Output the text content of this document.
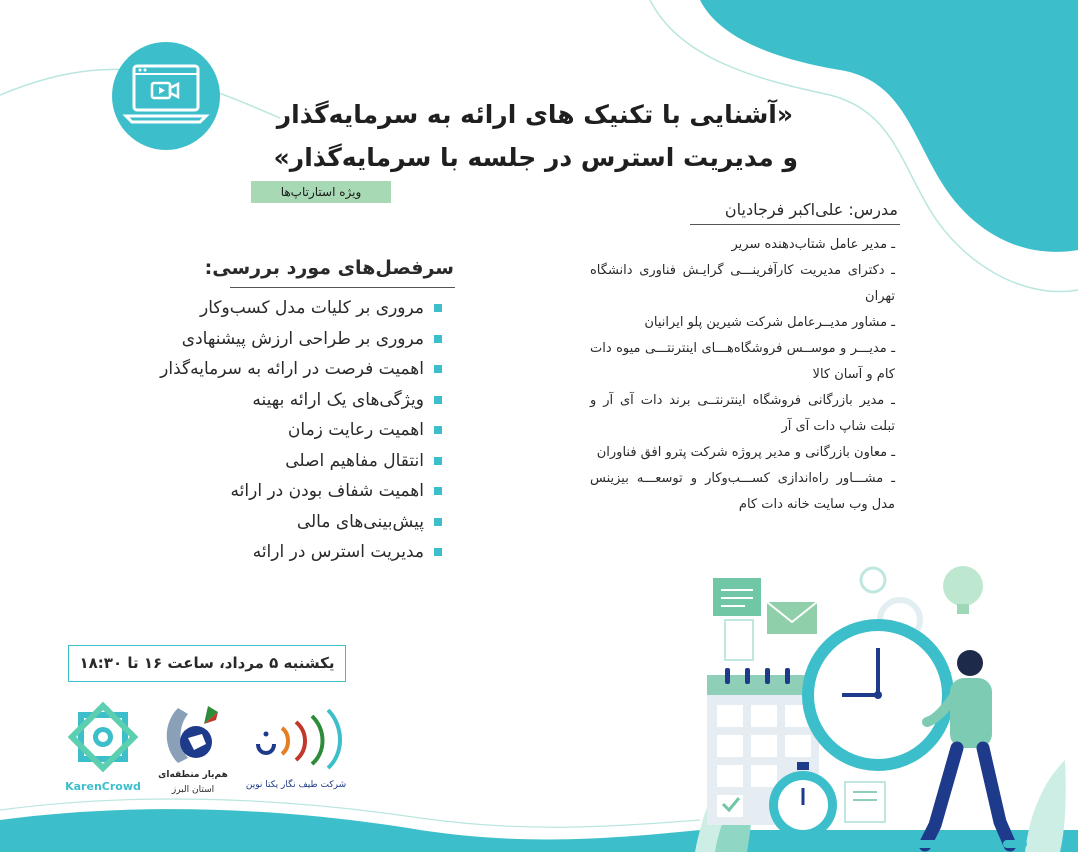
«آشنایی با تکنیک های ارائه به سرمایه‌گذار
و مدیریت استرس در جلسه با سرمایه‌گذار»
ویژه استارتاپ‌ها
مدرس: علی‌اکبر فرجادیان
ـ مدیر عامل شتاب‌دهنده سریر
ـ دکترای مدیریت کارآفرینـــی گرایـش فناوری دانشگاه تهران
ـ مشاور مدیــرعامل شرکت شیرین پلو ایرانیان
ـ مدیـــر و موســس فروشگاه‌هـــای اینترنتـــی میوه دات کام و آسان کالا
ـ مدیر بازرگانی فروشگاه اینترنتــی برند دات آی آر و تبلت شاپ دات آی آر
ـ معاون بازرگانی و مدیر پروژه شرکت پترو افق فناوران
ـ مشـــاور راه‌اندازی کســـب‌وکار و توسعـــه بیزینس مدل وب سایت خانه دات کام
سرفصل‌های مورد بررسی:
مروری بر کلیات مدل کسب‌وکار
مروری بر طراحی ارزش پیشنهادی
اهمیت فرصت در ارائه به سرمایه‌گذار
ویژگی‌های یک ارائه بهینه
اهمیت رعایت زمان
انتقال مفاهیم اصلی
اهمیت شفاف بودن در ارائه
پیش‌بینی‌های مالی
مدیریت استرس در ارائه
یکشنبه ۵ مرداد، ساعت ۱۶ تا ۱۸:۳۰
KarenCrowd
هم‌یار منطقه‌ای
استان البرز	شرکت طیف نگار یکتا نوین
